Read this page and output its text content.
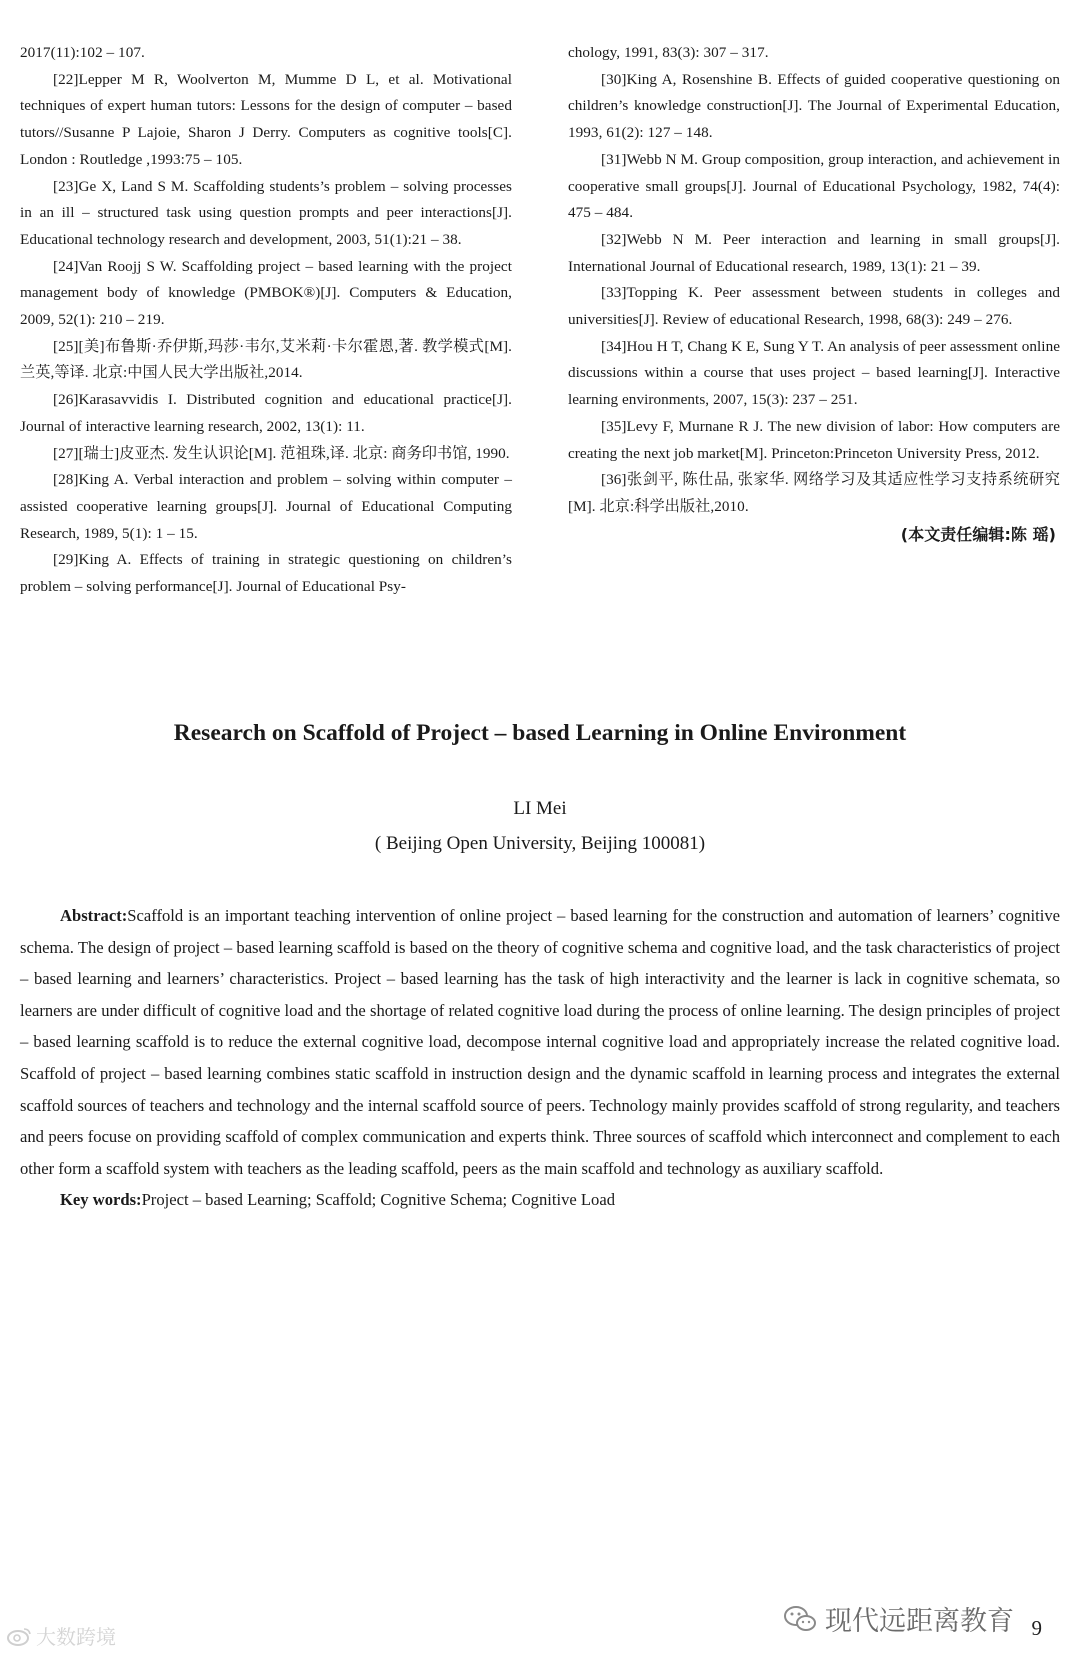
2017(11):102 – 107.

[22]Lepper M R, Woolverton M, Mumme D L, et al. Motivational techniques of expert human tutors: Lessons for the design of computer – based tutors//Susanne P Lajoie, Sharon J Derry. Computers as cognitive tools[C]. London : Routledge ,1993:75 – 105.

[23]Ge X, Land S M. Scaffolding students’s problem – solving processes in an ill – structured task using question prompts and peer interactions[J]. Educational technology research and development, 2003, 51(1):21 – 38.

[24]Van Roojj S W. Scaffolding project – based learning with the project management body of knowledge (PMBOK®)[J]. Computers & Education, 2009, 52(1): 210 – 219.

[25][美]布鲁斯·乔伊斯,玛莎·韦尔,艾米莉·卡尔霍恩,著. 教学模式[M]. 兰英,等译. 北京:中国人民大学出版社,2014.

[26]Karasavvidis I. Distributed cognition and educational practice[J]. Journal of interactive learning research, 2002, 13(1): 11.

[27][瑞士]皮亚杰. 发生认识论[M]. 范祖珠,译. 北京: 商务印书馆, 1990.

[28]King A. Verbal interaction and problem – solving within computer – assisted cooperative learning groups[J]. Journal of Educational Computing Research, 1989, 5(1): 1 – 15.

[29]King A. Effects of training in strategic questioning on children’s problem – solving performance[J]. Journal of Educational Psy-

chology, 1991, 83(3): 307 – 317.

[30]King A, Rosenshine B. Effects of guided cooperative questioning on children’s knowledge construction[J]. The Journal of Experimental Education, 1993, 61(2): 127 – 148.

[31]Webb N M. Group composition, group interaction, and achievement in cooperative small groups[J]. Journal of Educational Psychology, 1982, 74(4): 475 – 484.

[32]Webb N M. Peer interaction and learning in small groups[J]. International Journal of Educational research, 1989, 13(1): 21 – 39.

[33]Topping K. Peer assessment between students in colleges and universities[J]. Review of educational Research, 1998, 68(3): 249 – 276.

[34]Hou H T, Chang K E, Sung Y T. An analysis of peer assessment online discussions within a course that uses project – based learning[J]. Interactive learning environments, 2007, 15(3): 237 – 251.

[35]Levy F, Murnane R J. The new division of labor: How computers are creating the next job market[M]. Princeton:Princeton University Press, 2012.

[36]张剑平, 陈仕品, 张家华. 网络学习及其适应性学习支持系统研究[M]. 北京:科学出版社,2010.

(本文责任编辑:陈 瑶)
Research on Scaffold of Project – based Learning in Online Environment
LI Mei
( Beijing Open University, Beijing 100081)

Abstract:Scaffold is an important teaching intervention of online project – based learning for the construction and automation of learners’ cognitive schema. The design of project – based learning scaffold is based on the theory of cognitive schema and cognitive load, and the task characteristics of project – based learning and learners’ characteristics. Project – based learning has the task of high interactivity and the learner is lack in cognitive schemata, so learners are under difficult of cognitive load and the shortage of related cognitive load during the process of online learning. The design principles of project – based learning scaffold is to reduce the external cognitive load, decompose internal cognitive load and appropriately increase the related cognitive load. Scaffold of project – based learning combines static scaffold in instruction design and the dynamic scaffold in learning process and integrates the external scaffold sources of teachers and technology and the internal scaffold source of peers. Technology mainly provides scaffold of strong regularity, and teachers and peers focuse on providing scaffold of complex communication and experts think. Three sources of scaffold which interconnect and complement to each other form a scaffold system with teachers as the leading scaffold, peers as the main scaffold and technology as auxiliary scaffold.

Key words:Project – based Learning; Scaffold; Cognitive Schema; Cognitive Load

大数跨境	现代远距离教育 9
